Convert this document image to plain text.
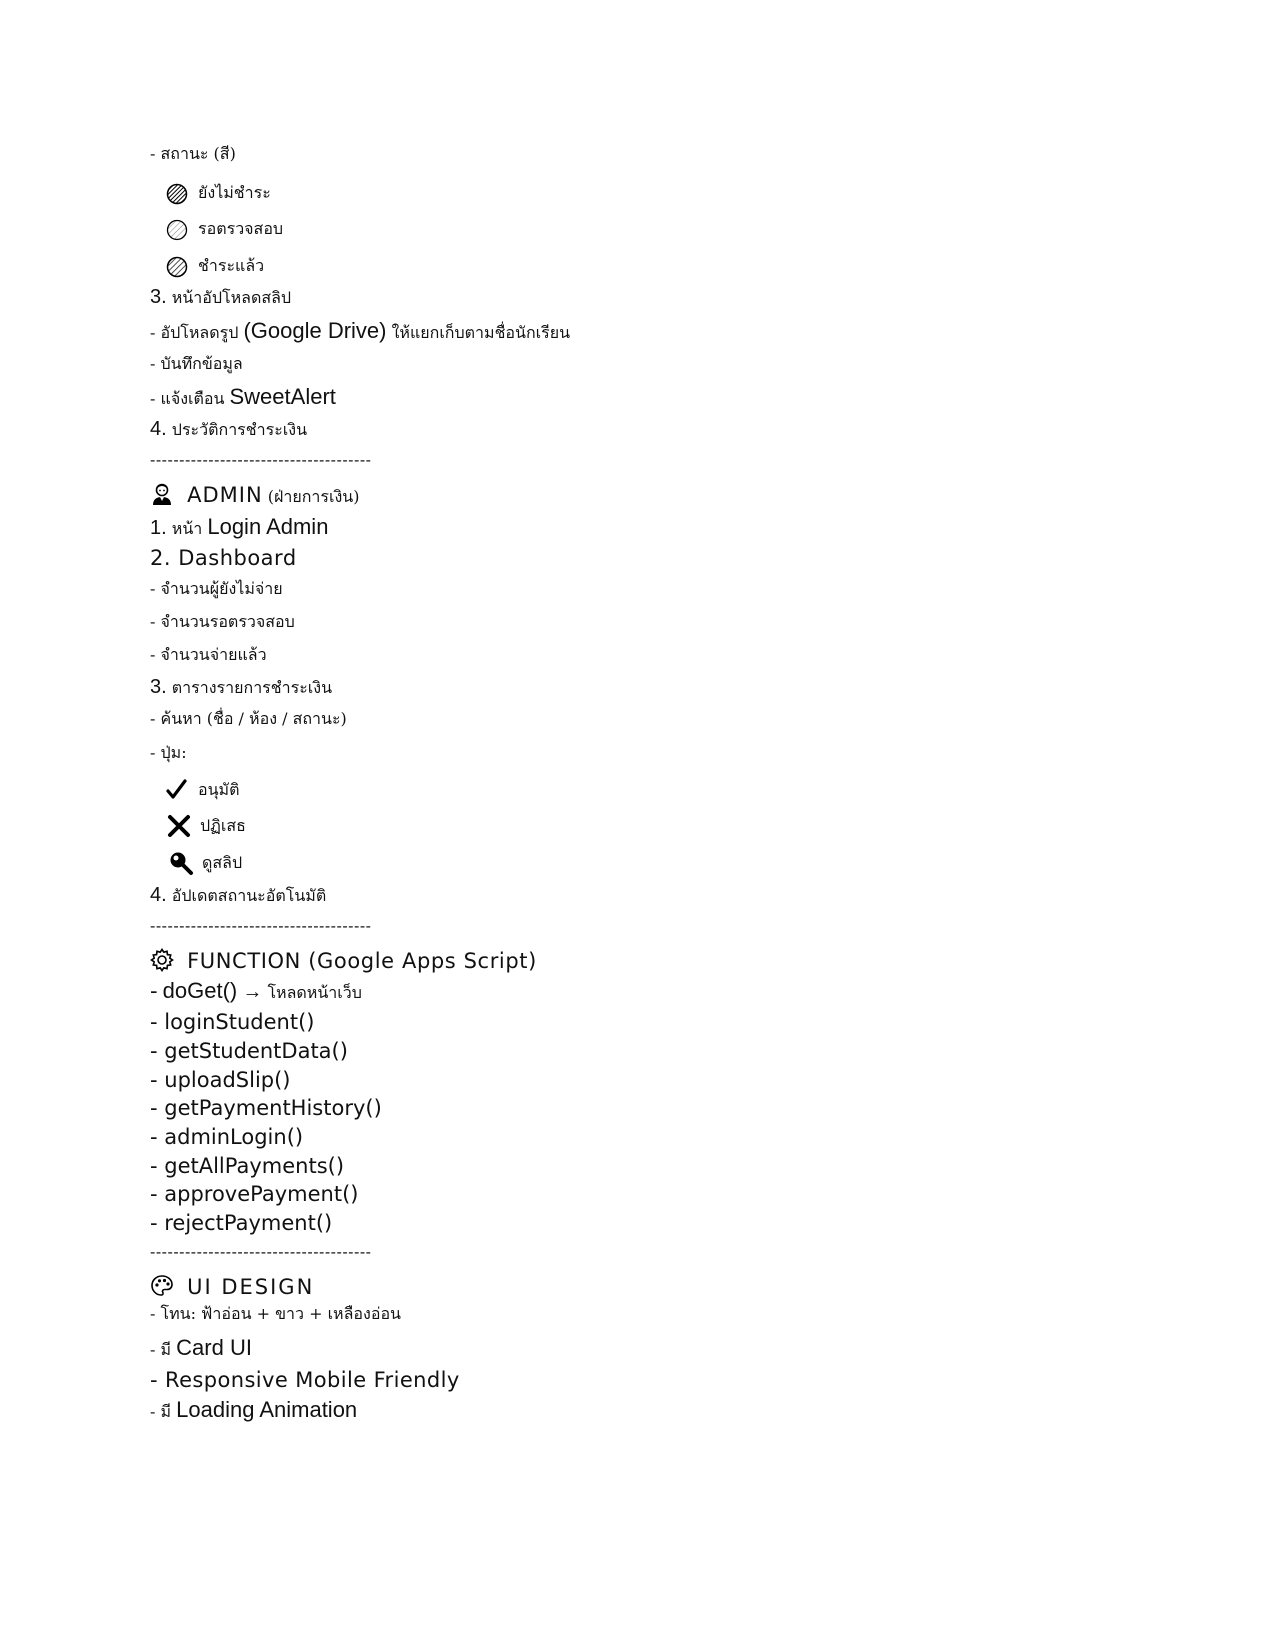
- สถานะ (สี)
ยังไม่ชำระ
รอตรวจสอบ
ชำระแล้ว
3. หน้าอัปโหลดสลิป
- อัปโหลดรูป (Google Drive) ให้แยกเก็บตามชื่อนักเรียน
- บันทึกข้อมูล
- แจ้งเตือน SweetAlert
4. ประวัติการชำระเงิน
--------------------------------------
ADMIN (ฝ่ายการเงิน)
1. หน้า Login Admin
2. Dashboard
- จำนวนผู้ยังไม่จ่าย
- จำนวนรอตรวจสอบ
- จำนวนจ่ายแล้ว
3. ตารางรายการชำระเงิน
- ค้นหา (ชื่อ / ห้อง / สถานะ)
- ปุ่ม:
อนุมัติ
ปฏิเสธ
ดูสลิป
4. อัปเดตสถานะอัตโนมัติ
--------------------------------------
FUNCTION (Google Apps Script)
- doGet() → โหลดหน้าเว็บ
- loginStudent()
- getStudentData()
- uploadSlip()
- getPaymentHistory()
- adminLogin()
- getAllPayments()
- approvePayment()
- rejectPayment()
--------------------------------------
UI DESIGN
- โทน: ฟ้าอ่อน + ขาว + เหลืองอ่อน
- มี Card UI
- Responsive Mobile Friendly
- มี Loading Animation
